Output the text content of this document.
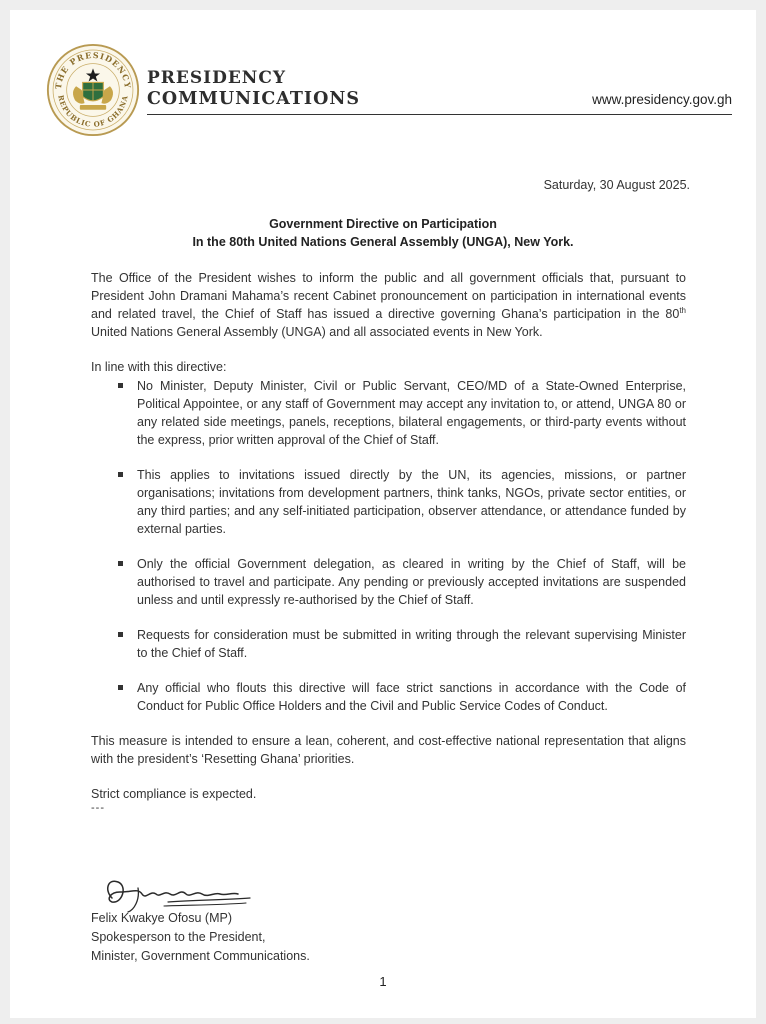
THE PRESIDENCY
REPUBLIC OF GHANA
PRESIDENCY
COMMUNICATIONS	www.presidency.gov.gh
Saturday, 30 August 2025.
Government Directive on Participation
In the 80th United Nations General Assembly (UNGA), New York.

The Office of the President wishes to inform the public and all government officials that, pursuant to President John Dramani Mahama’s recent Cabinet pronouncement on participation in international events and related travel, the Chief of Staff has issued a directive governing Ghana’s participation in the 80th United Nations General Assembly (UNGA) and all associated events in New York.

In line with this directive:

No Minister, Deputy Minister, Civil or Public Servant, CEO/MD of a State-Owned Enterprise, Political Appointee, or any staff of Government may accept any invitation to, or attend, UNGA 80 or any related side meetings, panels, receptions, bilateral engagements, or third-party events without the express, prior written approval of the Chief of Staff.
This applies to invitations issued directly by the UN, its agencies, missions, or partner organisations; invitations from development partners, think tanks, NGOs, private sector entities, or any third parties; and any self-initiated participation, observer attendance, or attendance funded by external parties.
Only the official Government delegation, as cleared in writing by the Chief of Staff, will be authorised to travel and participate. Any pending or previously accepted invitations are suspended unless and until expressly re-authorised by the Chief of Staff.
Requests for consideration must be submitted in writing through the relevant supervising Minister to the Chief of Staff.
Any official who flouts this directive will face strict sanctions in accordance with the Code of Conduct for Public Office Holders and the Civil and Public Service Codes of Conduct.

This measure is intended to ensure a lean, coherent, and cost-effective national representation that aligns with the president’s ‘Resetting Ghana’ priorities.

Strict compliance is expected.

---
Felix Kwakye Ofosu (MP)
Spokesperson to the President,
Minister, Government Communications.
1
